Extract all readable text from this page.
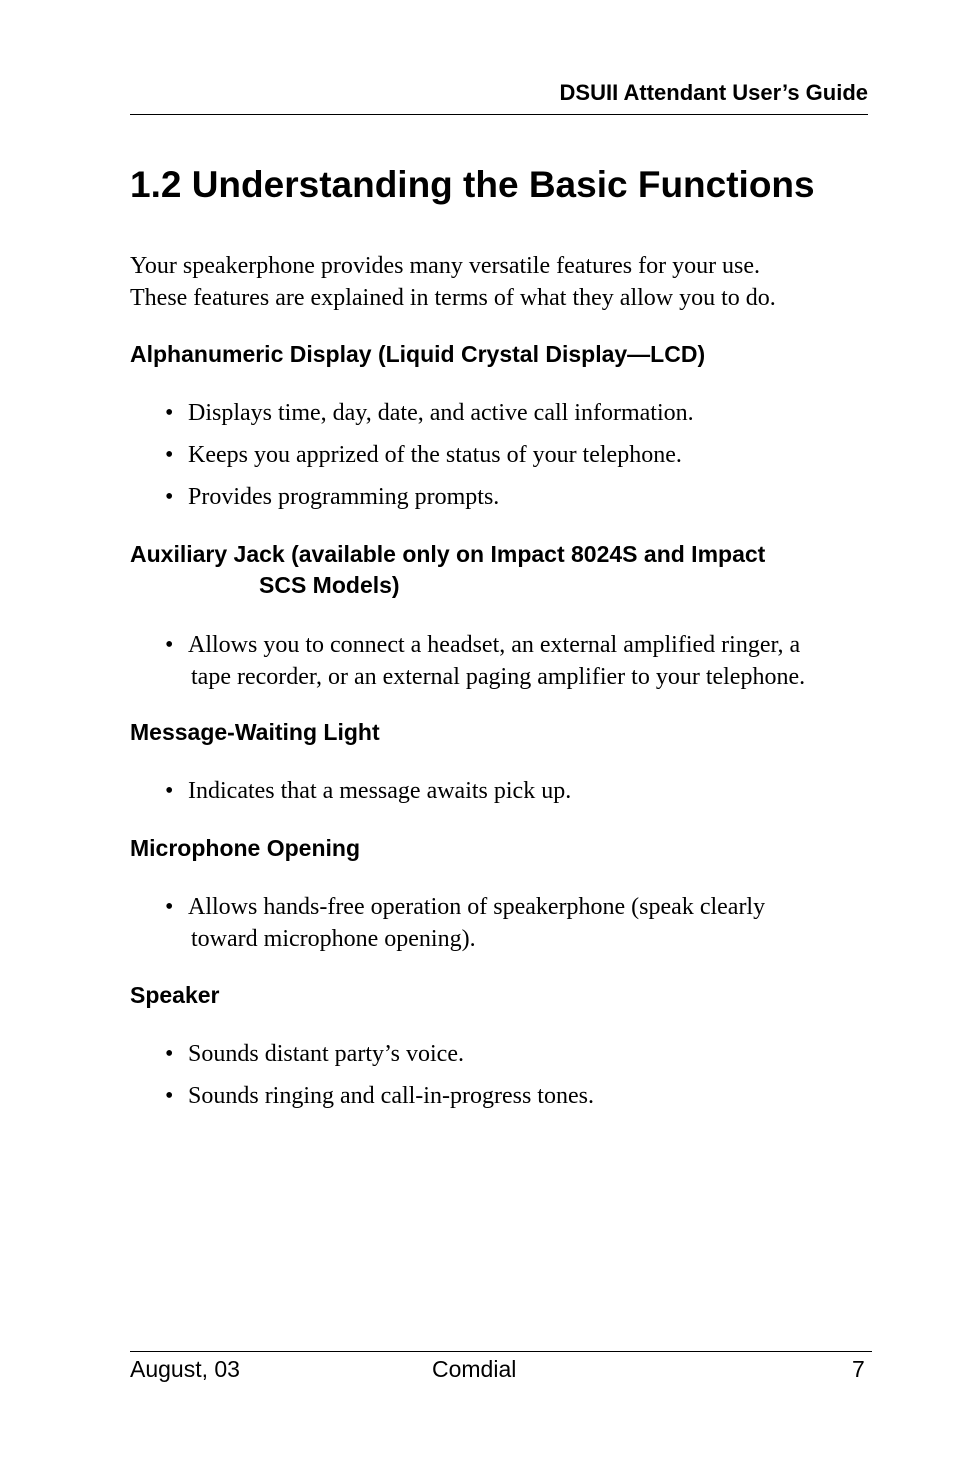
DSUII Attendant User’s Guide
1.2 Understanding the Basic Functions

Your speakerphone provides many versatile features for your use.
These features are explained in terms of what they allow you to do.

Alphanumeric Display (Liquid Crystal Display—LCD)
• Displays time, day, date, and active call information.
• Keeps you apprized of the status of your telephone.
• Provides programming prompts.
Auxiliary Jack (available only on Impact 8024S and Impact
SCS Models)
• Allows you to connect a headset, an external amplified ringer, a
tape recorder, or an external paging amplifier to your telephone.
Message-Waiting Light
• Indicates that a message awaits pick up.
Microphone Opening
• Allows hands-free operation of speakerphone (speak clearly
toward microphone opening).
Speaker
• Sounds distant party’s voice.
• Sounds ringing and call-in-progress tones.
August, 03	Comdial	7
